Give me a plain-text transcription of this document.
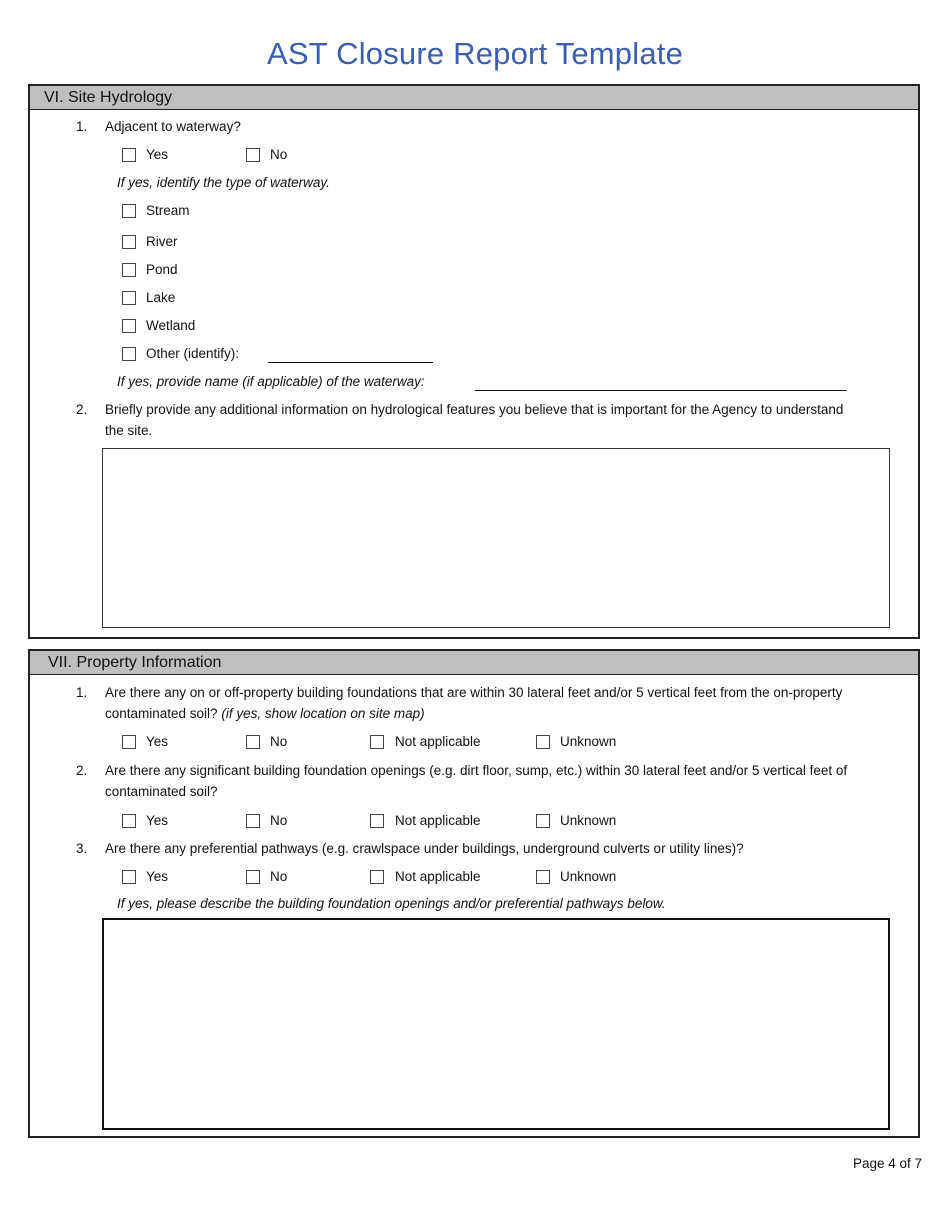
AST Closure Report Template
VI. Site Hydrology
1. Adjacent to waterway?
Yes	No
If yes, identify the type of waterway.
Stream
River
Pond
Lake
Wetland
Other (identify):
If yes, provide name (if applicable) of the waterway:
2. Briefly provide any additional information on hydrological features you believe that is important for the Agency to understand the site.
VII. Property Information
1. Are there any on or off-property building foundations that are within 30 lateral feet and/or 5 vertical feet from the on-property contaminated soil? (if yes, show location on site map)
Yes	No	Not applicable	Unknown
2. Are there any significant building foundation openings (e.g. dirt floor, sump, etc.) within 30 lateral feet and/or 5 vertical feet of contaminated soil?
Yes	No	Not applicable	Unknown
3. Are there any preferential pathways (e.g. crawlspace under buildings, underground culverts or utility lines)?
Yes	No	Not applicable	Unknown
If yes, please describe the building foundation openings and/or preferential pathways below.
Page 4 of 7
